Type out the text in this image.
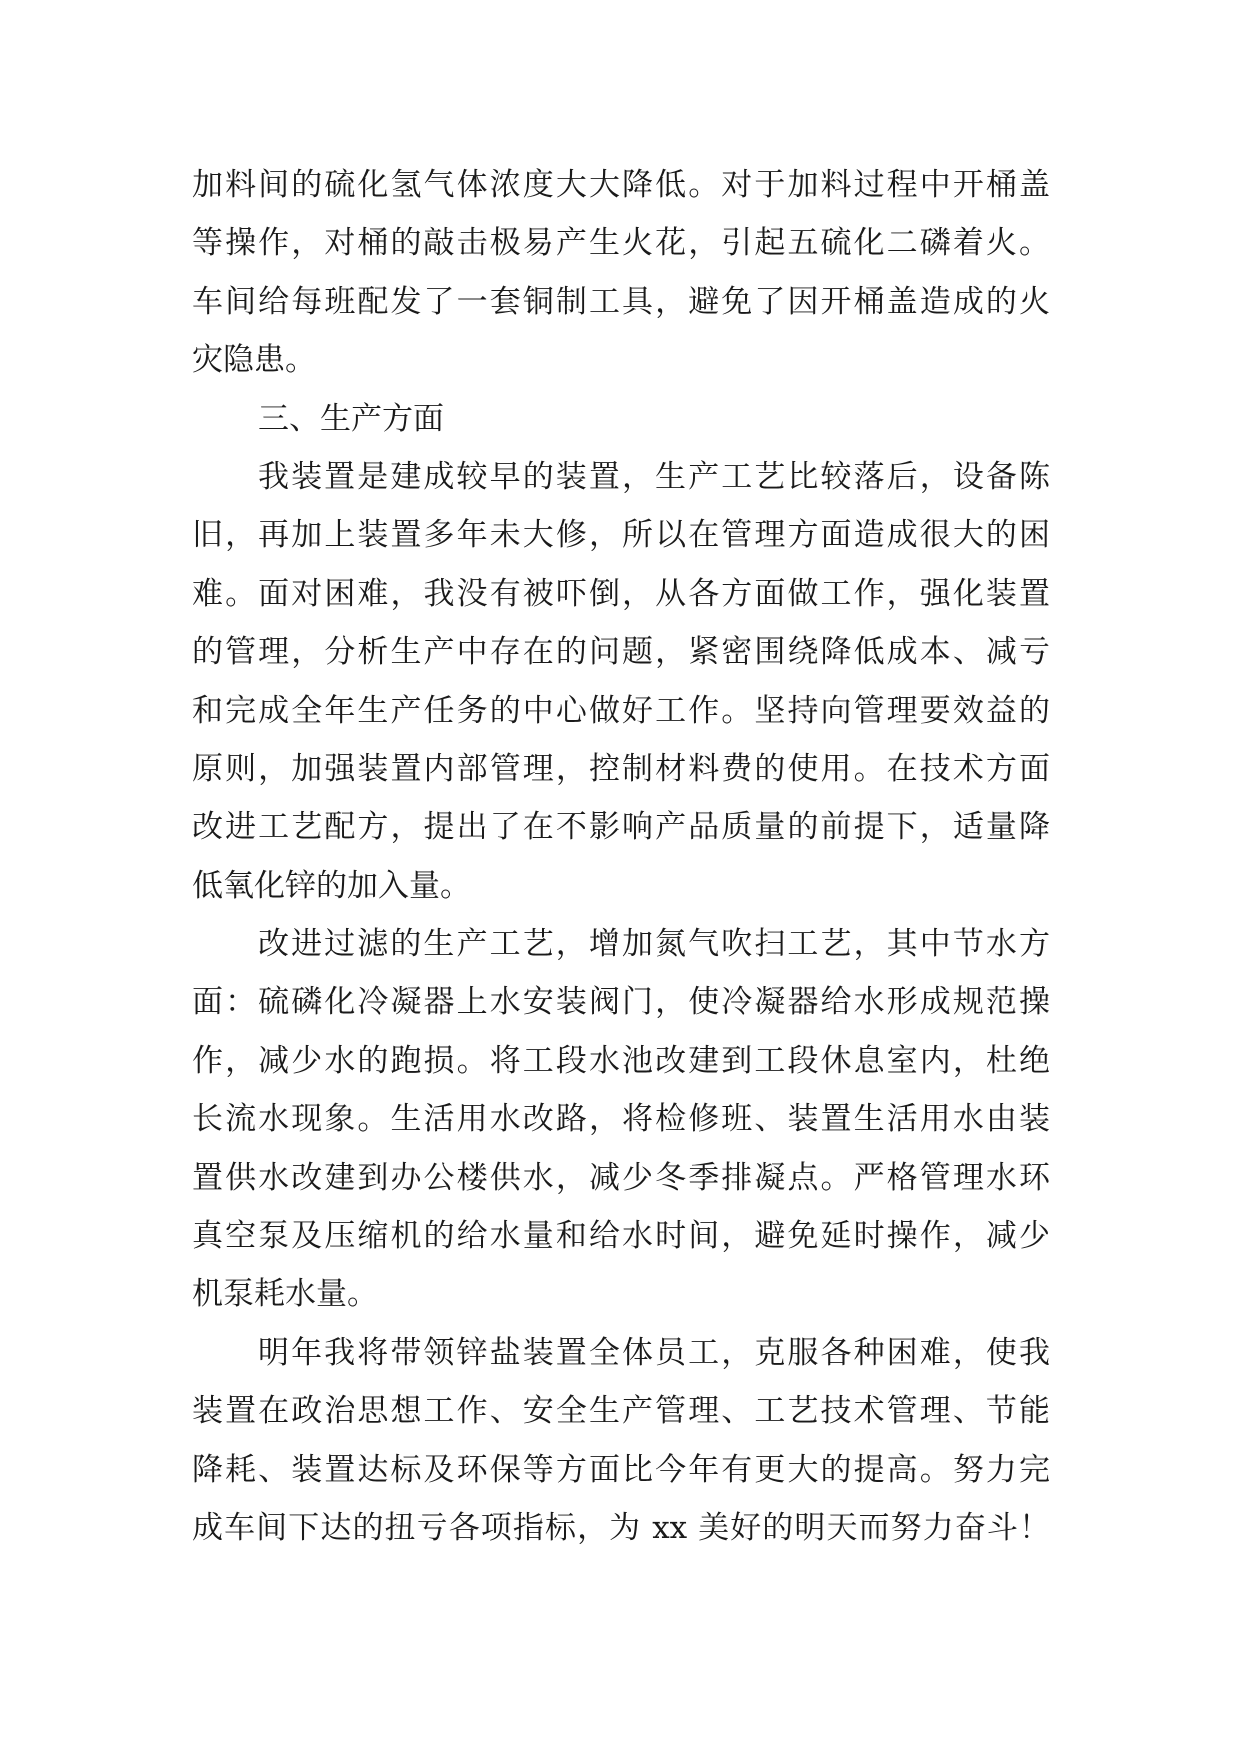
加料间的硫化氢气体浓度大大降低。对于加料过程中开桶盖
等操作，对桶的敲击极易产生火花，引起五硫化二磷着火。
车间给每班配发了一套铜制工具，避免了因开桶盖造成的火
灾隐患。
三、生产方面
我装置是建成较早的装置，生产工艺比较落后，设备陈
旧，再加上装置多年未大修，所以在管理方面造成很大的困
难。面对困难，我没有被吓倒，从各方面做工作，强化装置
的管理，分析生产中存在的问题，紧密围绕降低成本、减亏
和完成全年生产任务的中心做好工作。坚持向管理要效益的
原则，加强装置内部管理，控制材料费的使用。在技术方面
改进工艺配方，提出了在不影响产品质量的前提下，适量降
低氧化锌的加入量。
改进过滤的生产工艺，增加氮气吹扫工艺，其中节水方
面：硫磷化冷凝器上水安装阀门，使冷凝器给水形成规范操
作，减少水的跑损。将工段水池改建到工段休息室内，杜绝
长流水现象。生活用水改路，将检修班、装置生活用水由装
置供水改建到办公楼供水，减少冬季排凝点。严格管理水环
真空泵及压缩机的给水量和给水时间，避免延时操作，减少
机泵耗水量。
明年我将带领锌盐装置全体员工，克服各种困难，使我
装置在政治思想工作、安全生产管理、工艺技术管理、节能
降耗、装置达标及环保等方面比今年有更大的提高。努力完
成车间下达的扭亏各项指标，为 xx 美好的明天而努力奋斗！
